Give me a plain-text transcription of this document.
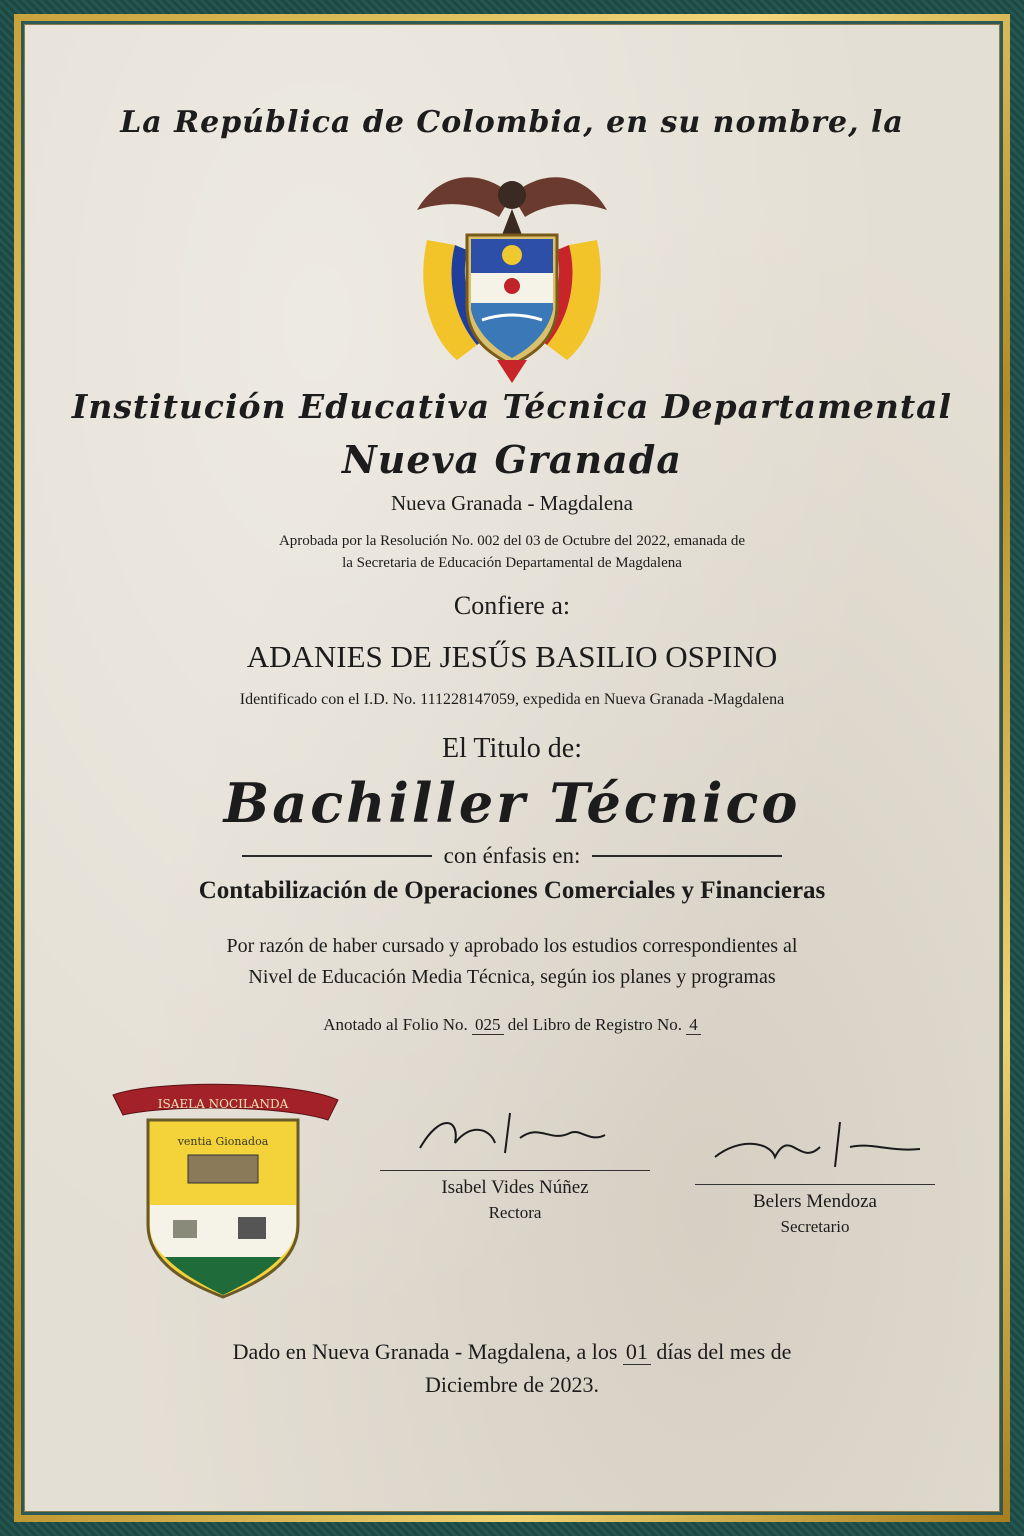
La República de Colombia, en su nombre, la
Institución Educativa Técnica Departamental
Nueva Granada
Nueva Granada - Magdalena
Aprobada por la Resolución No. 002 del 03 de Octubre del 2022, emanada de
la Secretaria de Educación Departamental de Magdalena
Confiere a:
ADANIES DE JESŰS BASILIO OSPINO
Identificado con el I.D. No. 111228147059, expedida en Nueva Granada -Magdalena
El Titulo de:
Bachiller Técnico
con énfasis en:
Contabilización de Operaciones Comerciales y Financieras
Por razón de haber cursado y aprobado los estudios correspondientes al
Nivel de Educación Media Técnica, según ios planes y programas
Anotado al Folio No. 025 del Libro de Registro No. 4
ISAELA NOCILANDA
ventia Gionadoa
Isabel Vides Núñez
Rectora
Belers Mendoza
Secretario
Dado en Nueva Granada - Magdalena, a los 01 días del mes de
Diciembre de 2023.
